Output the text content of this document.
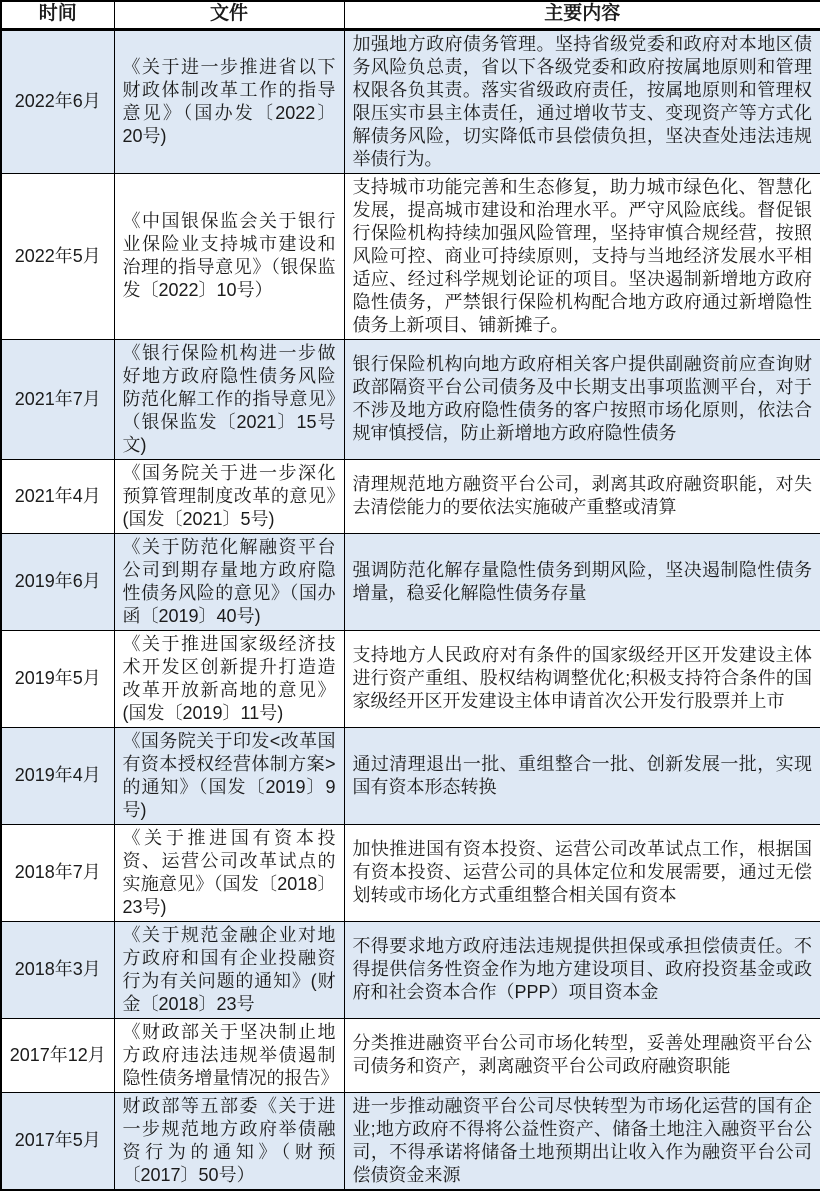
时间	文件	主要内容
2022年6月	《关于进一步推进省以下财政体制改革工作的指导意见》（国办发〔2022〕20号)	加强地方政府债务管理。坚持省级党委和政府对本地区债务风险负总责，省以下各级党委和政府按属地原则和管理权限各负其责。落实省级政府责任，按属地原则和管理权限压实市县主体责任，通过增收节支、变现资产等方式化解债务风险，切实降低市县偿债负担，坚决查处违法违规举债行为。
2022年5月	《中国银保监会关于银行业保险业支持城市建设和治理的指导意见》（银保监发〔2022〕10号）	支持城市功能完善和生态修复，助力城市绿色化、智慧化发展，提高城市建设和治理水平。严守风险底线。督促银行保险机构持续加强风险管理，坚持审慎合规经营，按照风险可控、商业可持续原则，支持与当地经济发展水平相适应、经过科学规划论证的项目。坚决遏制新增地方政府隐性债务，严禁银行保险机构配合地方政府通过新增隐性债务上新项目、铺新摊子。
2021年7月	《银行保险机构进一步做好地方政府隐性债务风险防范化解工作的指导意见》（银保监发〔2021〕15号文)	银行保险机构向地方政府相关客户提供副融资前应查询财政部隔资平台公司债务及中长期支出事项监测平台，对于不涉及地方政府隐性债务的客户按照市场化原则，依法合规审慎授信，防止新增地方政府隐性债务
2021年4月	《国务院关于进一步深化预算管理制度改革的意见》(国发〔2021〕5号)	清理规范地方融资平台公司，剥离其政府融资职能，对失去清偿能力的要依法实施破产重整或清算
2019年6月	《关于防范化解融资平台公司到期存量地方政府隐性债务风险的意见》（国办函〔2019〕40号)	强调防范化解存量隐性债务到期风险，坚决遏制隐性债务增量，稳妥化解隐性债务存量
2019年5月	《关于推进国家级经济技术开发区创新提升打造造改革开放新高地的意见》(国发〔2019〕11号)	支持地方人民政府对有条件的国家级经开区开发建设主体进行资产重组、股权结构调整优化;积极支持符合条件的国家级经开区开发建设主体申请首次公开发行股票并上市
2019年4月	《国务院关于印发<改革国有资本授权经营体制方案>的通知》（国发〔2019〕9号)	通过清理退出一批、重组整合一批、创新发展一批，实现国有资本形态转换
2018年7月	《关于推进国有资本投资、运营公司改革试点的实施意见》（国发〔2018〕23号)	加快推进国有资本投资、运营公司改革试点工作，根据国有资本投资、运营公司的具体定位和发展需要，通过无偿划转或市场化方式重组整合相关国有资本
2018年3月	《关于规范金融企业对地方政府和国有企业投融资行为有关问题的通知》(财金〔2018〕23号	不得要求地方政府违法违规提供担保或承担偿债责任。不得提供信务性资金作为地方建设项目、政府投资基金或政府和社会资本合作（PPP）项目资本金
2017年12月	《财政部关于坚决制止地方政府违法违规举债遏制隐性债务增量情况的报告》	分类推进融资平台公司市场化转型，妥善处理融资平台公司债务和资产，剥离融资平台公司政府融资职能
2017年5月	财政部等五部委《关于进一步规范地方政府举债融资行为的通知》（财预〔2017〕50号）	进一步推动融资平台公司尽快转型为市场化运营的国有企业;地方政府不得将公益性资产、储备土地注入融资平台公司，不得承诺将储备土地预期出让收入作为融资平台公司偿债资金来源
